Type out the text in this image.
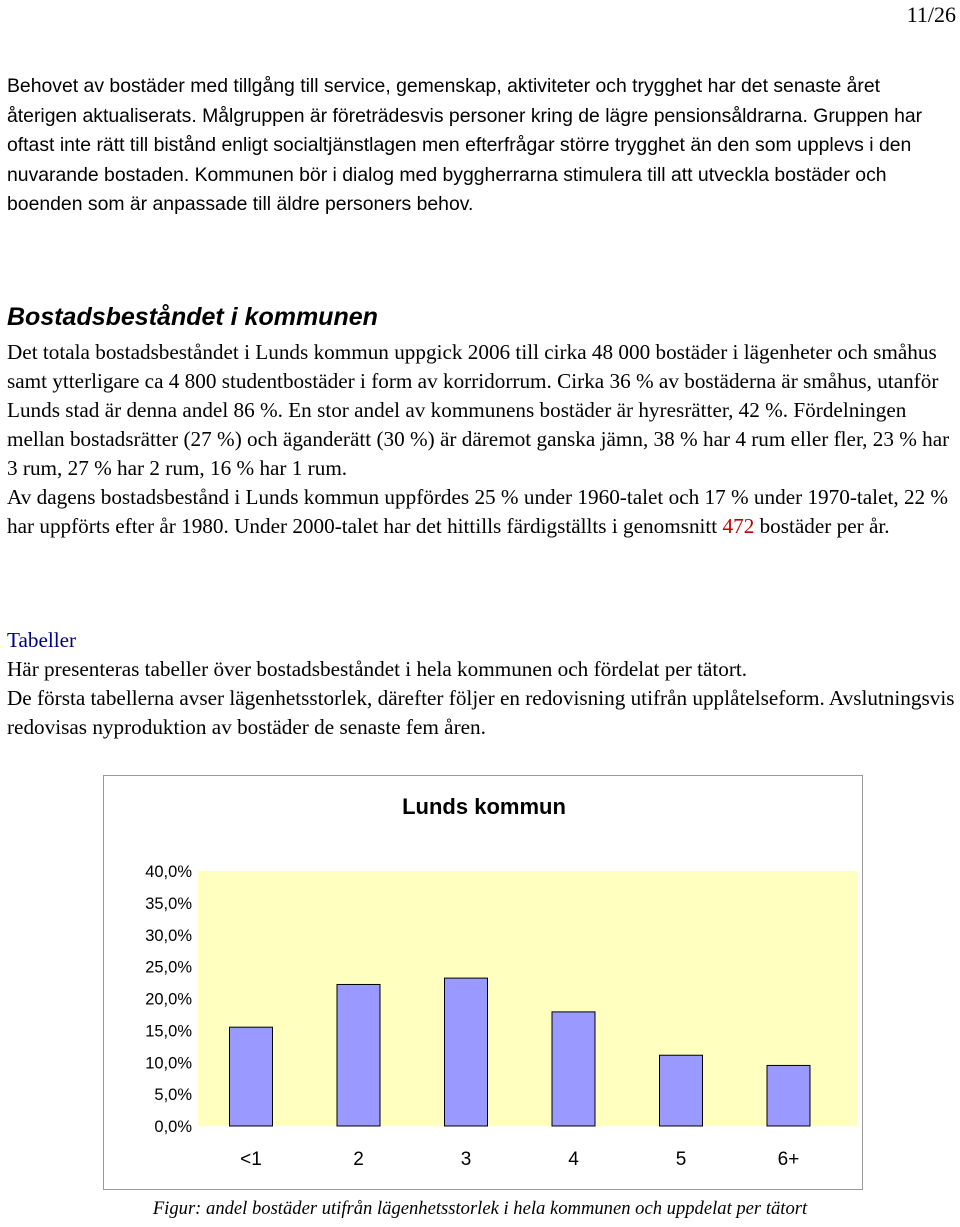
11/26

Behovet av bostäder med tillgång till service, gemenskap, aktiviteter och trygghet har det senaste året återigen aktualiserats. Målgruppen är företrädesvis personer kring de lägre pensionsåldrarna. Gruppen har oftast inte rätt till bistånd enligt socialtjänstlagen men efterfrågar större trygghet än den som upplevs i den nuvarande bostaden. Kommunen bör i dialog med byggherrarna stimulera till att utveckla bostäder och boenden som är anpassade till äldre personers behov.

Bostadsbeståndet i kommunen

Det totala bostadsbeståndet i Lunds kommun uppgick 2006 till cirka 48 000 bostäder i lägenheter och småhus samt ytterligare ca 4 800 studentbostäder i form av korridorrum. Cirka 36 % av bostäderna är småhus, utanför Lunds stad är denna andel 86 %. En stor andel av kommunens bostäder är hyresrätter, 42 %. Fördelningen mellan bostadsrätter (27 %) och äganderätt (30 %) är däremot ganska jämn, 38 % har 4 rum eller fler, 23 % har 3 rum, 27 % har 2 rum, 16 % har 1 rum.

Av dagens bostadsbestånd i Lunds kommun uppfördes 25 % under 1960-talet och 17 % under 1970-talet, 22 % har uppförts efter år 1980. Under 2000-talet har det hittills färdigställts i genomsnitt 472 bostäder per år.

Tabeller

Här presenteras tabeller över bostadsbeståndet i hela kommunen och fördelat per tätort.

De första tabellerna avser lägenhetsstorlek, därefter följer en redovisning utifrån upplåtelseform. Avslutningsvis redovisas nyproduktion av bostäder de senaste fem åren.

Lunds kommun
0,0%
5,0%
10,0%
15,0%
20,0%
25,0%
30,0%
35,0%
40,0%
<1	2	3	4	5	6+
Figur: andel bostäder utifrån lägenhetsstorlek i hela kommunen och uppdelat per tätort
